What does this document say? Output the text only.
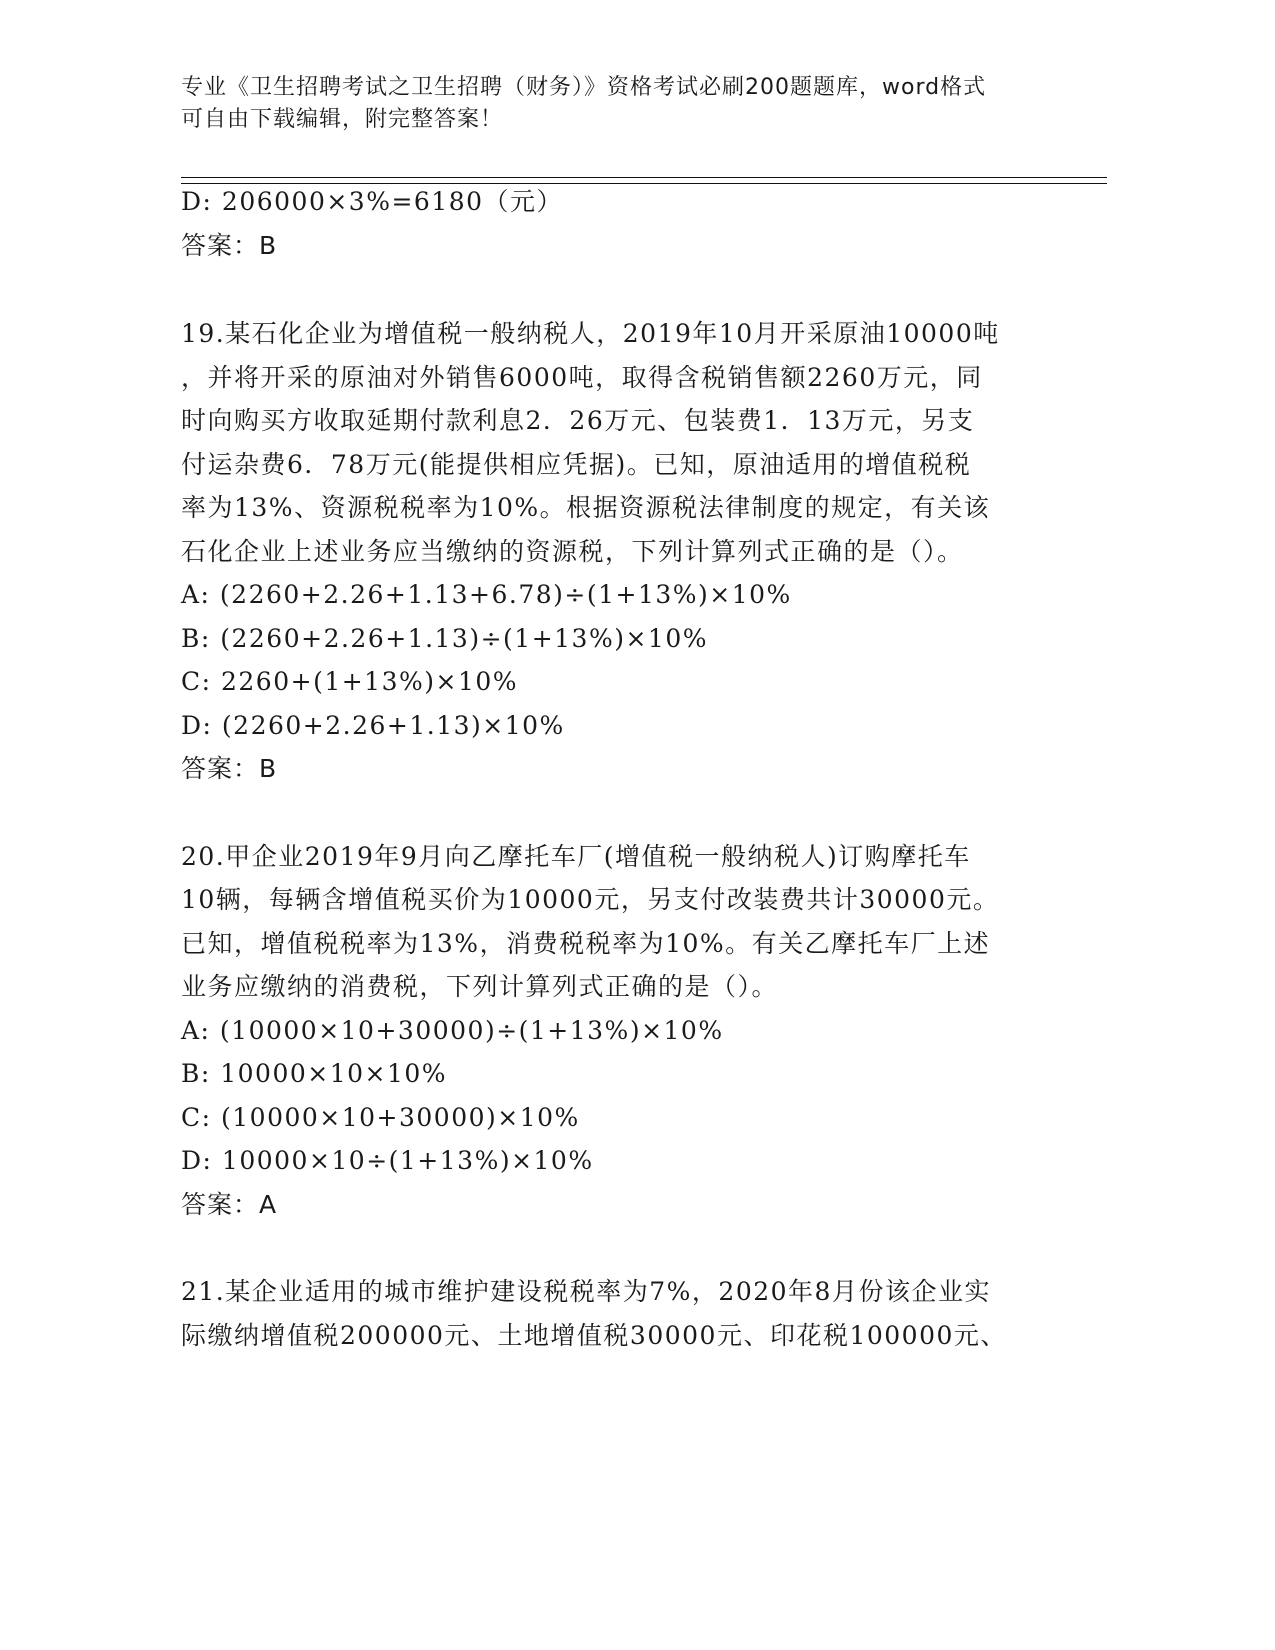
专业《卫生招聘考试之卫生招聘（财务）》资格考试必刷200题题库，word格式
可自由下载编辑，附完整答案！
D: 206000×3%=6180（元）
答案：B
19.某石化企业为增值税一般纳税人，2019年10月开采原油10000吨
，并将开采的原油对外销售6000吨，取得含税销售额2260万元，同
时向购买方收取延期付款利息2．26万元、包装费1．13万元，另支
付运杂费6．78万元(能提供相应凭据)。已知，原油适用的增值税税
率为13%、资源税税率为10%。根据资源税法律制度的规定，有关该
石化企业上述业务应当缴纳的资源税，下列计算列式正确的是（）。
A: (2260+2.26+1.13+6.78)÷(1+13%)×10%
B: (2260+2.26+1.13)÷(1+13%)×10%
C: 2260+(1+13%)×10%
D: (2260+2.26+1.13)×10%
答案：B
20.甲企业2019年9月向乙摩托车厂(增值税一般纳税人)订购摩托车
10辆，每辆含增值税买价为10000元，另支付改装费共计30000元。
已知，增值税税率为13%，消费税税率为10%。有关乙摩托车厂上述
业务应缴纳的消费税，下列计算列式正确的是（）。
A: (10000×10+30000)÷(1+13%)×10%
B: 10000×10×10%
C: (10000×10+30000)×10%
D: 10000×10÷(1+13%)×10%
答案：A
21.某企业适用的城市维护建设税税率为7%，2020年8月份该企业实
际缴纳增值税200000元、土地增值税30000元、印花税100000元、
